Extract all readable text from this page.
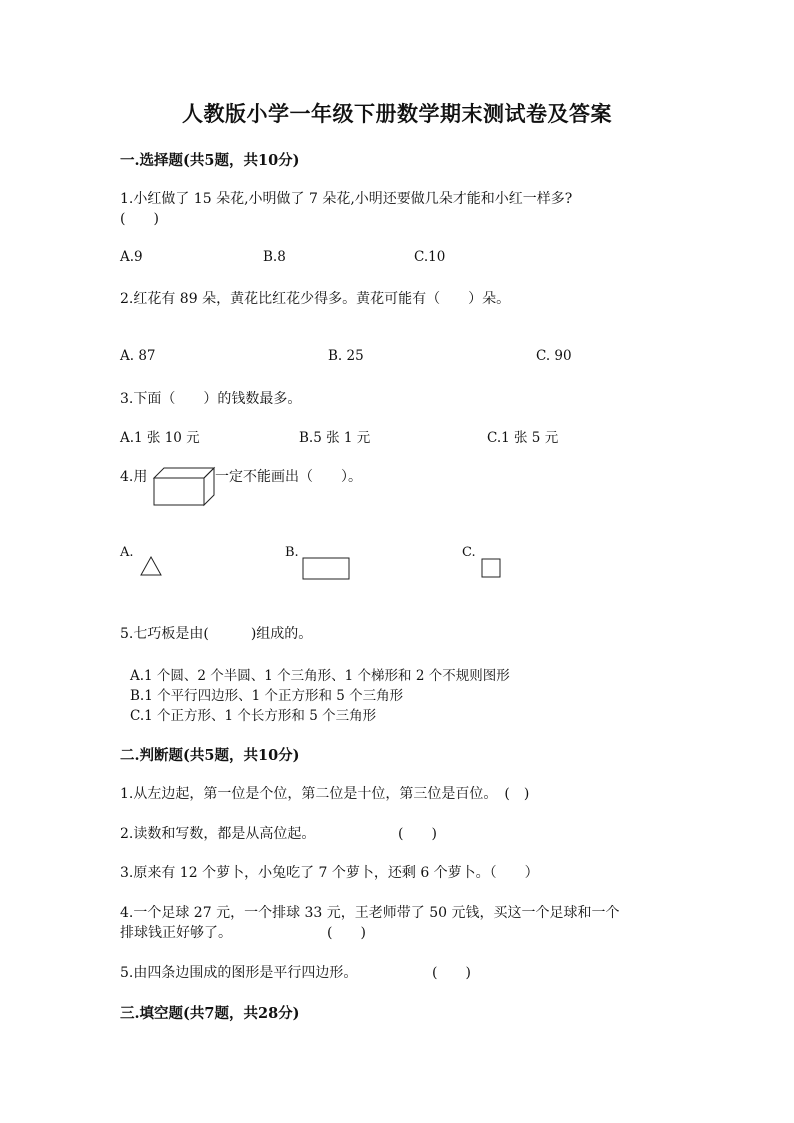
人教版小学一年级下册数学期末测试卷及答案
一.选择题(共5题，共10分)
1.小红做了 15 朵花,小明做了 7 朵花,小明还要做几朵才能和小红一样多?
(　　)
A.9	B.8	C.10
2.红花有 89 朵，黄花比红花少得多。黄花可能有（　　）朵。
A. 87	B. 25	C. 90
3.下面（　　）的钱数最多。
A.1 张 10 元	B.5 张 1 元	C.1 张 5 元
4.用	一定不能画出（　　）。
A.	B.	C.
5.七巧板是由(　　　)组成的。
A.1 个圆、2 个半圆、1 个三角形、1 个梯形和 2 个不规则图形
B.1 个平行四边形、1 个正方形和 5 个三角形
C.1 个正方形、1 个长方形和 5 个三角形
二.判断题(共5题，共10分)
1.从左边起，第一位是个位，第二位是十位，第三位是百位。　(　)
2.读数和写数，都是从高位起。	(　　)
3.原来有 12 个萝卜，小兔吃了 7 个萝卜，还剩 6 个萝卜。（　　）
4.一个足球 27 元，一个排球 33 元，王老师带了 50 元钱，买这一个足球和一个
排球钱正好够了。	(　　)
5.由四条边围成的图形是平行四边形。	(　　)
三.填空题(共7题，共28分)
